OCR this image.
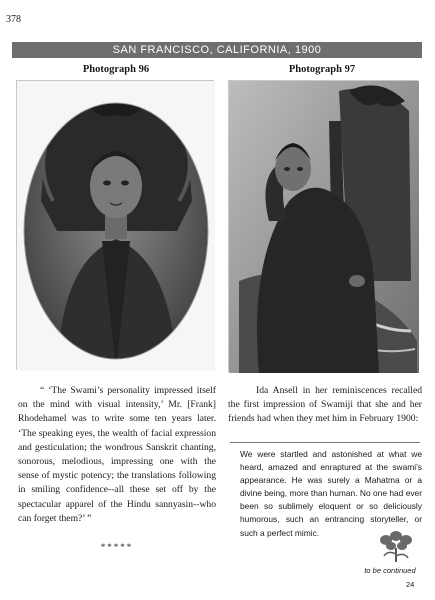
378
SAN FRANCISCO, CALIFORNIA, 1900
Photograph 96	Photograph 97
“ ‘The Swami’s personality impressed itself on the mind with visual intensity,’ Mr. [Frank] Rhodehamel was to write some ten years later. ‘The speaking eyes, the wealth of facial expression and gesticulation; the wondrous Sanskrit chanting, sonorous, melodious, impressing one with the sense of mystic potency; the translations following in smiling confidence--all these set off by the spectacular apparel of the Hindu sannyasin--who can forget them?’ ”
*****
Ida Ansell in her reminiscences recalled the first impression of Swamiji that she and her friends had when they met him in February 1900:
We were startled and astonished at what we heard, amazed and enraptured at the swami’s appearance. He was surely a Mahatma or a divine being, more than human. No one had ever been so sublimely eloquent or so deliciously humorous, such an entrancing storyteller, or such a perfect mimic.
to be continued
24
